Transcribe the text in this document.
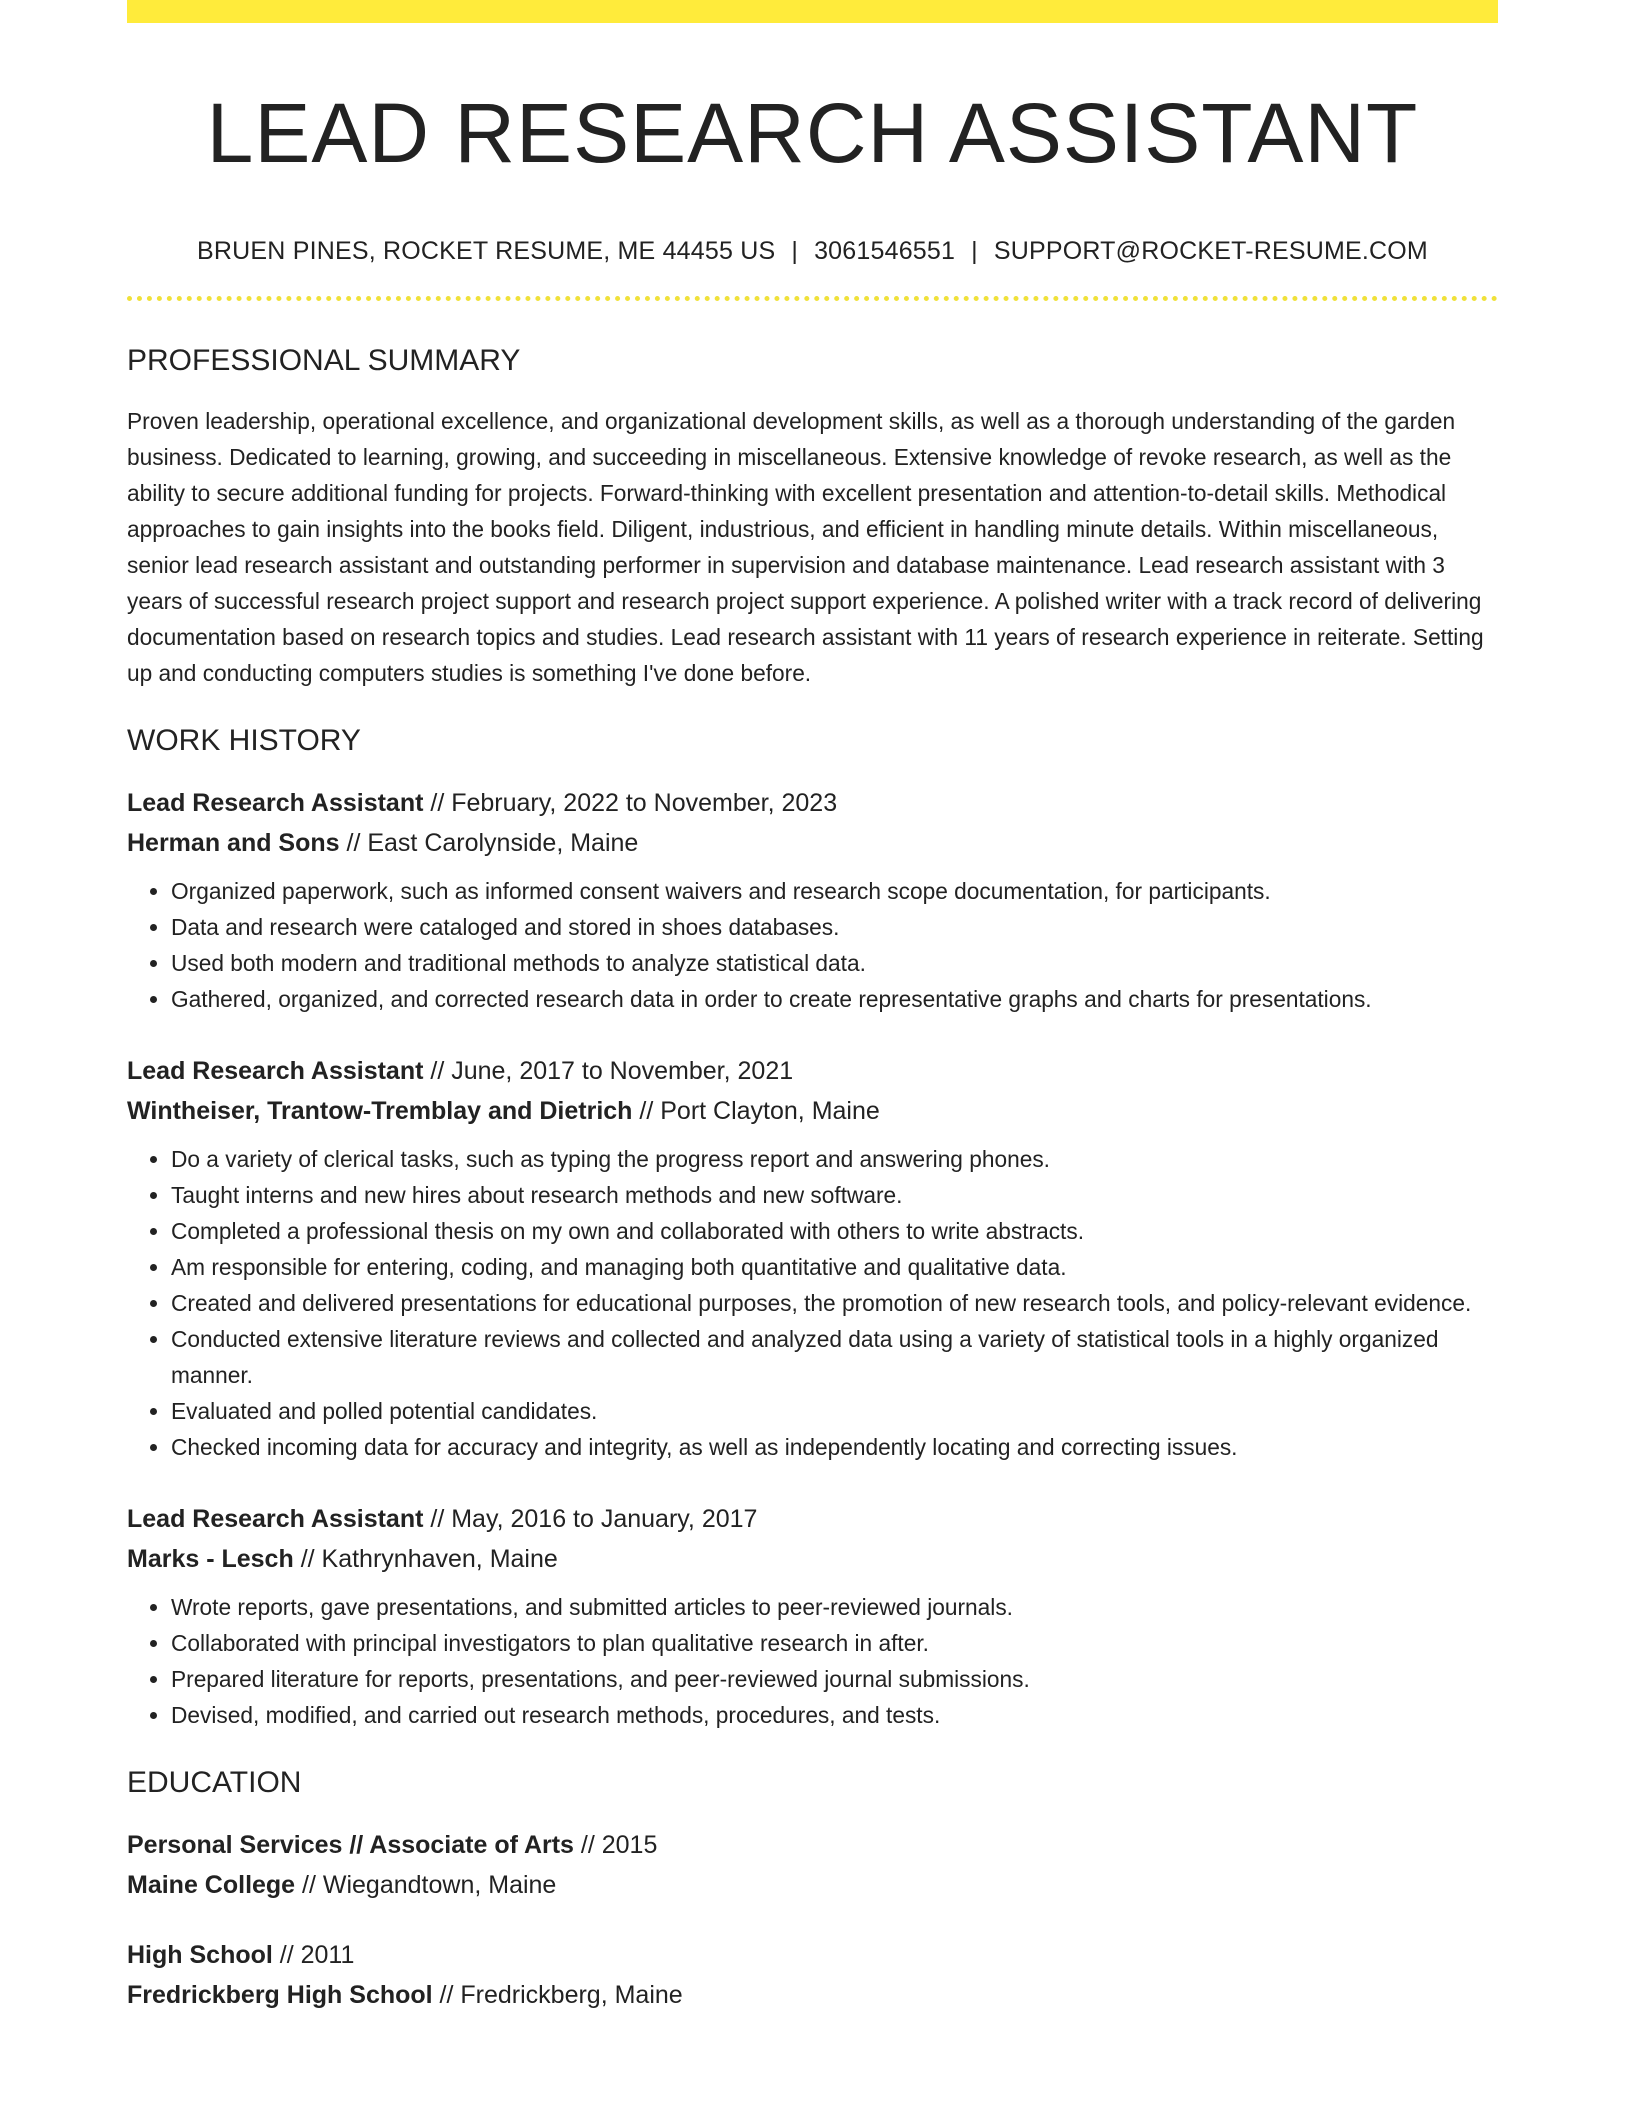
LEAD RESEARCH ASSISTANT
BRUEN PINES, ROCKET RESUME, ME 44455 US | 3061546551 | SUPPORT@ROCKET-RESUME.COM
PROFESSIONAL SUMMARY

Proven leadership, operational excellence, and organizational development skills, as well as a thorough understanding of the garden business. Dedicated to learning, growing, and succeeding in miscellaneous. Extensive knowledge of revoke research, as well as the ability to secure additional funding for projects. Forward-thinking with excellent presentation and attention-to-detail skills. Methodical approaches to gain insights into the books field. Diligent, industrious, and efficient in handling minute details. Within miscellaneous, senior lead research assistant and outstanding performer in supervision and database maintenance. Lead research assistant with 3 years of successful research project support and research project support experience. A polished writer with a track record of delivering documentation based on research topics and studies. Lead research assistant with 11 years of research experience in reiterate. Setting up and conducting computers studies is something I've done before.

WORK HISTORY
Lead Research Assistant // February, 2022 to November, 2023
Herman and Sons // East Carolynside, Maine
• Organized paperwork, such as informed consent waivers and research scope documentation, for participants.
• Data and research were cataloged and stored in shoes databases.
• Used both modern and traditional methods to analyze statistical data.
• Gathered, organized, and corrected research data in order to create representative graphs and charts for presentations.
Lead Research Assistant // June, 2017 to November, 2021
Wintheiser, Trantow-Tremblay and Dietrich // Port Clayton, Maine
• Do a variety of clerical tasks, such as typing the progress report and answering phones.
• Taught interns and new hires about research methods and new software.
• Completed a professional thesis on my own and collaborated with others to write abstracts.
• Am responsible for entering, coding, and managing both quantitative and qualitative data.
• Created and delivered presentations for educational purposes, the promotion of new research tools, and policy-relevant evidence.
• Conducted extensive literature reviews and collected and analyzed data using a variety of statistical tools in a highly organized manner.
• Evaluated and polled potential candidates.
• Checked incoming data for accuracy and integrity, as well as independently locating and correcting issues.
Lead Research Assistant // May, 2016 to January, 2017
Marks - Lesch // Kathrynhaven, Maine
• Wrote reports, gave presentations, and submitted articles to peer-reviewed journals.
• Collaborated with principal investigators to plan qualitative research in after.
• Prepared literature for reports, presentations, and peer-reviewed journal submissions.
• Devised, modified, and carried out research methods, procedures, and tests.
EDUCATION
Personal Services // Associate of Arts // 2015
Maine College // Wiegandtown, Maine
High School // 2011
Fredrickberg High School // Fredrickberg, Maine
